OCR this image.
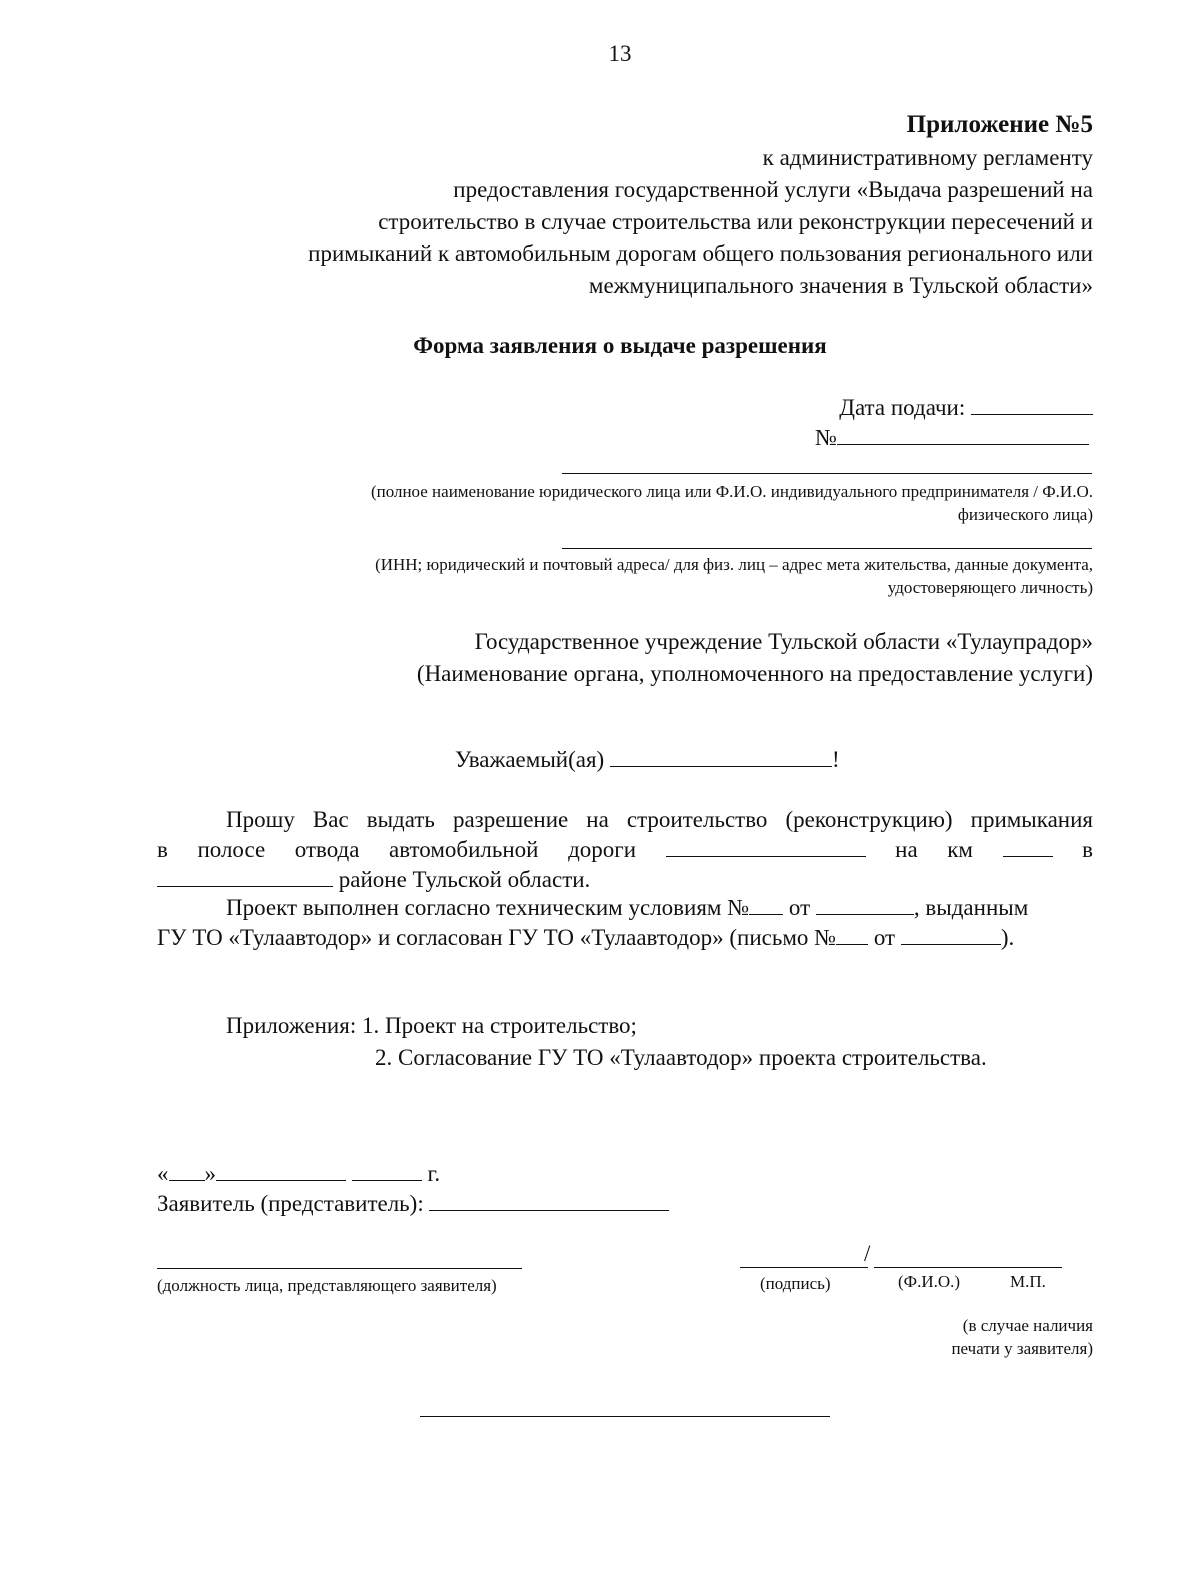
13
Приложение №5
к административному регламенту
предоставления государственной услуги «Выдача разрешений на
строительство в случае строительства или реконструкции пересечений и
примыканий к автомобильным дорогам общего пользования регионального или
межмуниципального значения в Тульской области»
Форма заявления о выдаче разрешения
Дата подачи:
№
(полное наименование юридического лица или Ф.И.О. индивидуального предпринимателя / Ф.И.О.
физического лица)
(ИНН; юридический и почтовый адреса/ для физ. лиц – адрес мета жительства, данные документа,
удостоверяющего личность)
Государственное учреждение Тульской области «Тулаупрадор»
(Наименование органа, уполномоченного на предоставление услуги)
Уважаемый(ая)	!
Прошу Вас выдать разрешение на строительство (реконструкцию) примыкания
в полосе отвода автомобильной дороги	на км	в
районе Тульской области.
Проект выполнен согласно техническим условиям № от	, выданным
ГУ ТО «Тулаавтодор» и согласован ГУ ТО «Тулаавтодор» (письмо № от	).
Приложения: 1. Проект на строительство;
2. Согласование ГУ ТО «Тулаавтодор» проекта строительства.
« »	г.
Заявитель (представитель):
(должность лица, представляющего заявителя)
/
(подпись)	(Ф.И.О.)	М.П.
(в случае наличия
печати у заявителя)
